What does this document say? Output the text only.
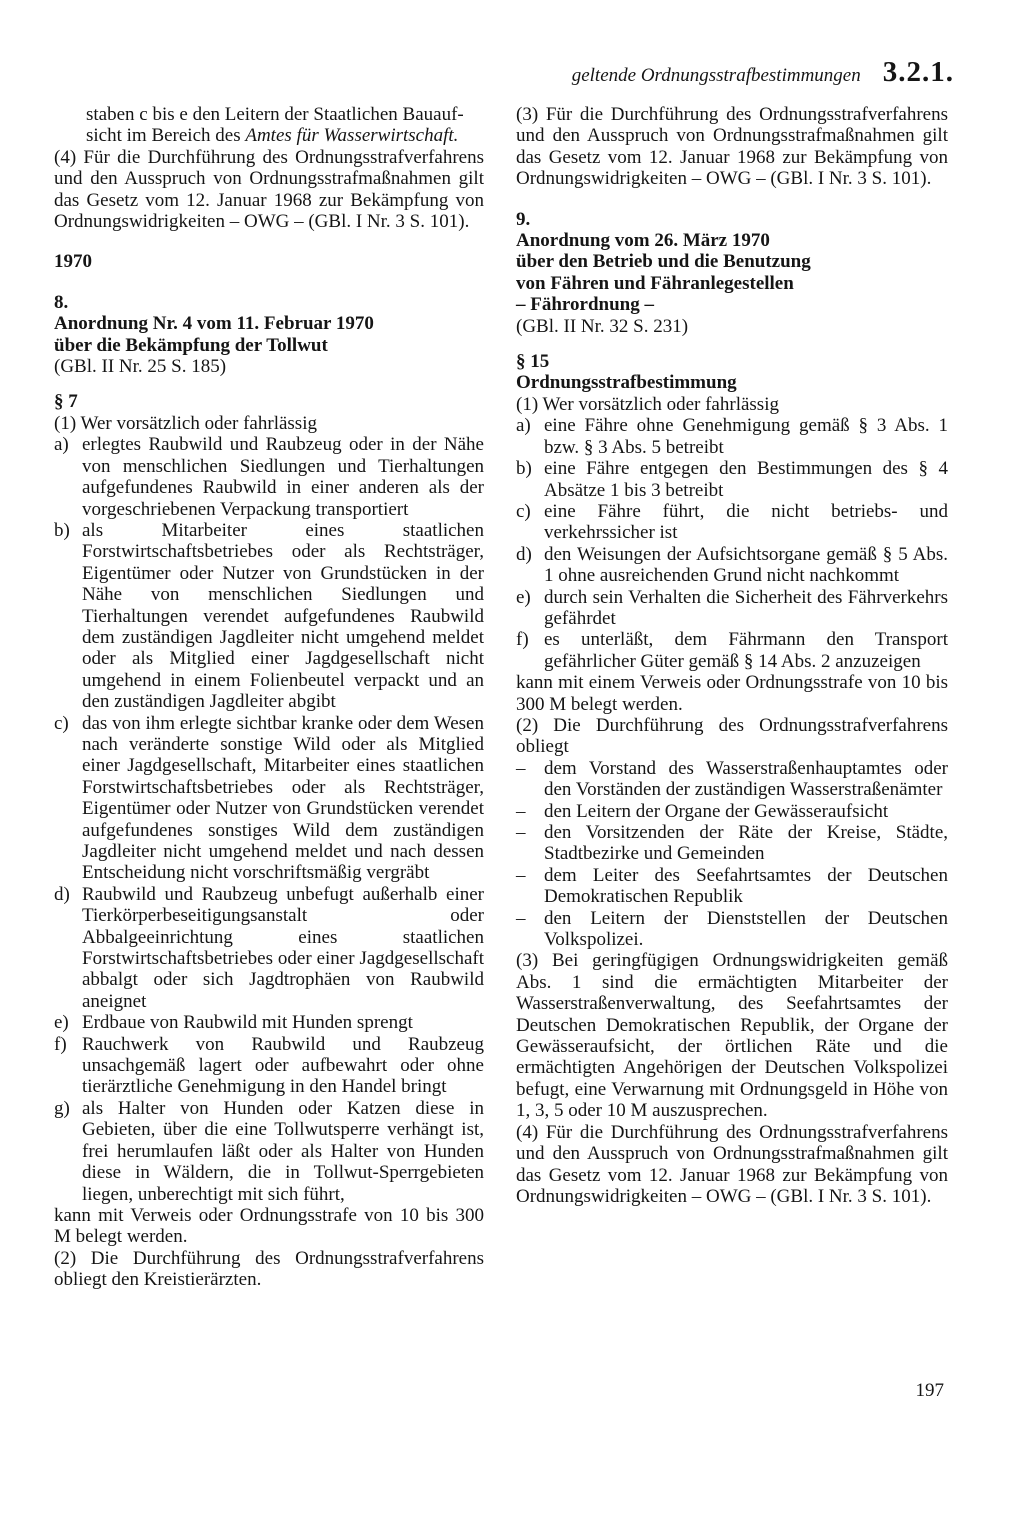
geltende Ordnungsstrafbestimmungen 3.2.1.

staben c bis e den Leitern der Staatlichen Bauauf-
sicht im Bereich des Amtes für Wasserwirtschaft.

(4) Für die Durchführung des Ordnungsstrafverfahrens und den Ausspruch von Ordnungsstrafmaßnahmen gilt das Gesetz vom 12. Januar 1968 zur Bekämpfung von Ordnungswidrigkeiten – OWG – (GBl. I Nr. 3 S. 101).

1970

8.

Anordnung Nr. 4 vom 11. Februar 1970

über die Bekämpfung der Tollwut

(GBl. II Nr. 25 S. 185)

§ 7

(1) Wer vorsätzlich oder fahrlässig

a) erlegtes Raubwild und Raubzeug oder in der Nähe von menschlichen Siedlungen und Tierhaltungen aufgefundenes Raubwild in einer anderen als der vorgeschriebenen Verpackung transportiert
b) als Mitarbeiter eines staatlichen Forstwirtschaftsbetriebes oder als Rechtsträger, Eigentümer oder Nutzer von Grundstücken in der Nähe von menschlichen Siedlungen und Tierhaltungen verendet aufgefundenes Raubwild dem zuständigen Jagdleiter nicht umgehend meldet oder als Mitglied einer Jagdgesellschaft nicht umgehend in einem Folienbeutel verpackt und an den zuständigen Jagdleiter abgibt
c) das von ihm erlegte sichtbar kranke oder dem Wesen nach veränderte sonstige Wild oder als Mitglied einer Jagdgesellschaft, Mitarbeiter eines staatlichen Forstwirtschaftsbetriebes oder als Rechtsträger, Eigentümer oder Nutzer von Grundstücken verendet aufgefundenes sonstiges Wild dem zuständigen Jagdleiter nicht umgehend meldet und nach dessen Entscheidung nicht vorschriftsmäßig vergräbt
d) Raubwild und Raubzeug unbefugt außerhalb einer Tierkörperbeseitigungsanstalt oder Abbalgeeinrichtung eines staatlichen Forstwirtschaftsbetriebes oder einer Jagdgesellschaft abbalgt oder sich Jagdtrophäen von Raubwild aneignet
e) Erdbaue von Raubwild mit Hunden sprengt
f) Rauchwerk von Raubwild und Raubzeug unsachgemäß lagert oder aufbewahrt oder ohne tierärztliche Genehmigung in den Handel bringt
g) als Halter von Hunden oder Katzen diese in Gebieten, über die eine Tollwutsperre verhängt ist, frei herumlaufen läßt oder als Halter von Hunden diese in Wäldern, die in Tollwut-Sperrgebieten liegen, unberechtigt mit sich führt,

kann mit Verweis oder Ordnungsstrafe von 10 bis 300 M belegt werden.

(2) Die Durchführung des Ordnungsstrafverfahrens obliegt den Kreistierärzten.

(3) Für die Durchführung des Ordnungsstrafverfahrens und den Ausspruch von Ordnungsstrafmaßnahmen gilt das Gesetz vom 12. Januar 1968 zur Bekämpfung von Ordnungswidrigkeiten – OWG – (GBl. I Nr. 3 S. 101).

9.

Anordnung vom 26. März 1970

über den Betrieb und die Benutzung

von Fähren und Fähranlegestellen

– Fährordnung –

(GBl. II Nr. 32 S. 231)

§ 15

Ordnungsstrafbestimmung

(1) Wer vorsätzlich oder fahrlässig

a) eine Fähre ohne Genehmigung gemäß § 3 Abs. 1 bzw. § 3 Abs. 5 betreibt
b) eine Fähre entgegen den Bestimmungen des § 4 Absätze 1 bis 3 betreibt
c) eine Fähre führt, die nicht betriebs- und verkehrssicher ist
d) den Weisungen der Aufsichtsorgane gemäß § 5 Abs. 1 ohne ausreichenden Grund nicht nachkommt
e) durch sein Verhalten die Sicherheit des Fährverkehrs gefährdet
f) es unterläßt, dem Fährmann den Transport gefährlicher Güter gemäß § 14 Abs. 2 anzuzeigen

kann mit einem Verweis oder Ordnungsstrafe von 10 bis 300 M belegt werden.

(2) Die Durchführung des Ordnungsstrafverfahrens obliegt

– dem Vorstand des Wasserstraßenhauptamtes oder den Vorständen der zuständigen Wasserstraßenämter
– den Leitern der Organe der Gewässeraufsicht
– den Vorsitzenden der Räte der Kreise, Städte, Stadtbezirke und Gemeinden
– dem Leiter des Seefahrtsamtes der Deutschen Demokratischen Republik
– den Leitern der Dienststellen der Deutschen Volkspolizei.

(3) Bei geringfügigen Ordnungswidrigkeiten gemäß Abs. 1 sind die ermächtigten Mitarbeiter der Wasserstraßenverwaltung, des Seefahrtsamtes der Deutschen Demokratischen Republik, der Organe der Gewässeraufsicht, der örtlichen Räte und die ermächtigten Angehörigen der Deutschen Volkspolizei befugt, eine Verwarnung mit Ordnungsgeld in Höhe von 1, 3, 5 oder 10 M auszusprechen.

(4) Für die Durchführung des Ordnungsstrafverfahrens und den Ausspruch von Ordnungsstrafmaßnahmen gilt das Gesetz vom 12. Januar 1968 zur Bekämpfung von Ordnungswidrigkeiten – OWG – (GBl. I Nr. 3 S. 101).

197
